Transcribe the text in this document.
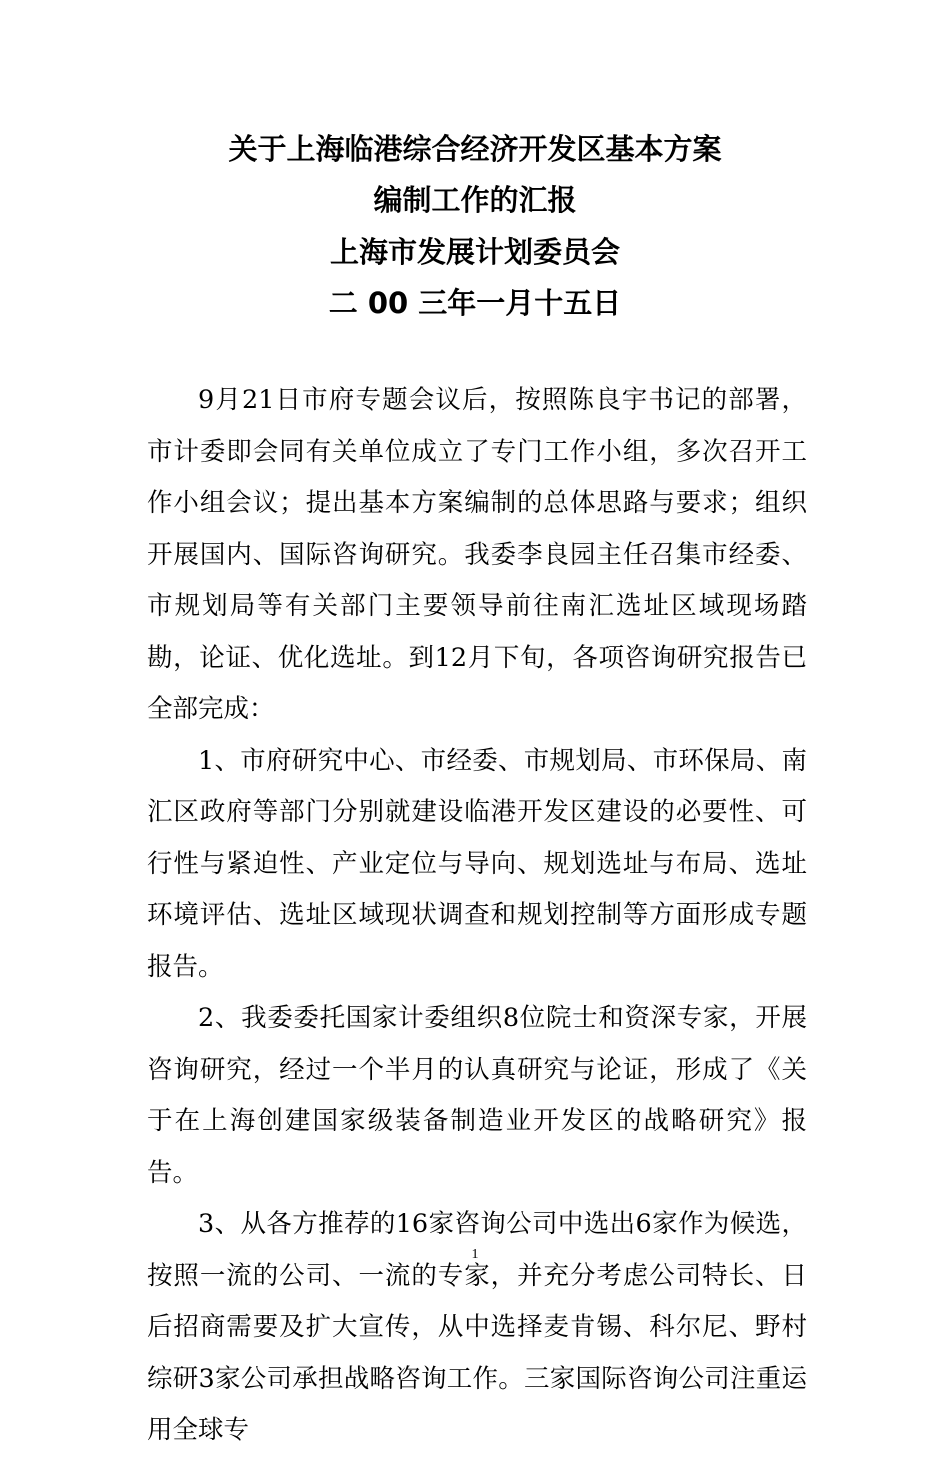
关于上海临港综合经济开发区基本方案
编制工作的汇报
上海市发展计划委员会
二 00 三年一月十五日

9月21日市府专题会议后，按照陈良宇书记的部署，市计委即会同有关单位成立了专门工作小组，多次召开工作小组会议；提出基本方案编制的总体思路与要求；组织开展国内、国际咨询研究。我委李良园主任召集市经委、市规划局等有关部门主要领导前往南汇选址区域现场踏勘，论证、优化选址。到12月下旬，各项咨询研究报告已全部完成：

1、市府研究中心、市经委、市规划局、市环保局、南汇区政府等部门分别就建设临港开发区建设的必要性、可行性与紧迫性、产业定位与导向、规划选址与布局、选址环境评估、选址区域现状调查和规划控制等方面形成专题报告。

2、我委委托国家计委组织8位院士和资深专家，开展咨询研究，经过一个半月的认真研究与论证，形成了《关于在上海创建国家级装备制造业开发区的战略研究》报告。

3、从各方推荐的16家咨询公司中选出6家作为候选，按照一流的公司、一流的专家，并充分考虑公司特长、日后招商需要及扩大宣传，从中选择麦肯锡、科尔尼、野村综研3家公司承担战略咨询工作。三家国际咨询公司注重运用全球专

1
